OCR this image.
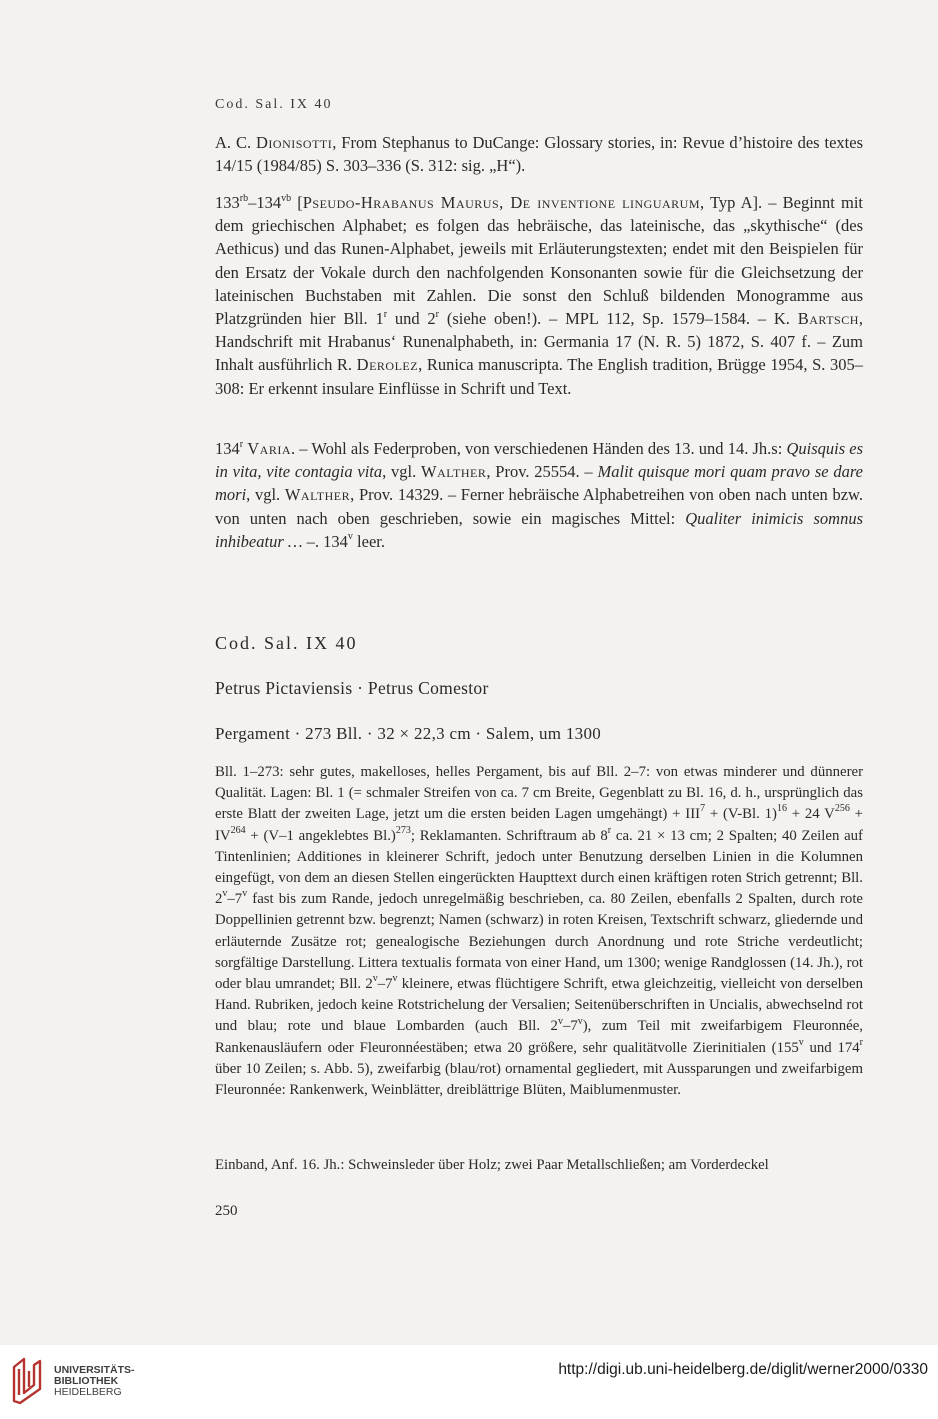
Cod. Sal. IX 40
A. C. Dionisotti, From Stephanus to DuCange: Glossary stories, in: Revue d’histoire des textes 14/15 (1984/85) S. 303–336 (S. 312: sig. „H“).
$133^{rb}-134^{vb}$ [Pseudo-Hrabanus Maurus, De inventione linguarum, Typ A]. – Beginnt mit dem griechischen Alphabet; es folgen das hebräische, das lateinische, das „skythische“ (des Aethicus) und das Runen-Alphabet, jeweils mit Erläuterungstexten; endet mit den Beispielen für den Ersatz der Vokale durch den nachfolgenden Konsonanten sowie für die Gleichsetzung der lateinischen Buchstaben mit Zahlen. Die sonst den Schluß bildenden Monogramme aus Platzgründen hier Bll. 1$^r$ und 2$^r$ (siehe oben!). – MPL 112, Sp. 1579–1584. – K. Bartsch, Handschrift mit Hrabanus‘ Runenalphabeth, in: Germania 17 (N. R. 5) 1872, S. 407 f. – Zum Inhalt ausführlich R. Derolez, Runica manuscripta. The English tradition, Brügge 1954, S. 305–308: Er erkennt insulare Einflüsse in Schrift und Text.
134$^r$ Varia. – Wohl als Federproben, von verschiedenen Händen des 13. und 14. Jh.s: Quisquis es in vita, vite contagia vita, vgl. Walther, Prov. 25554. – Malit quisque mori quam pravo se dare mori, vgl. Walther, Prov. 14329. – Ferner hebräische Alphabetreihen von oben nach unten bzw. von unten nach oben geschrieben, sowie ein magisches Mittel: Qualiter inimicis somnus inhibeatur … –. 134$^v$ leer.
Cod. Sal. IX 40
Petrus Pictaviensis · Petrus Comestor
Pergament · 273 Bll. · 32 × 22,3 cm · Salem, um 1300
Bll. 1–273: sehr gutes, makelloses, helles Pergament, bis auf Bll. 2–7: von etwas minderer und dünnerer Qualität. Lagen: Bl. 1 (= schmaler Streifen von ca. 7 cm Breite, Gegenblatt zu Bl. 16, d. h., ursprünglich das erste Blatt der zweiten Lage, jetzt um die ersten beiden Lagen umgehängt) + $III^7 + (V-Bl$. 1)$^{16}$ + 24 $V^{256} + IV^{264} + (V-1$ angeklebtes Bl.)$^{273}$; Reklamanten. Schriftraum ab 8$^r$ ca. 21 × 13 cm; 2 Spalten; 40 Zeilen auf Tintenlinien; Additiones in kleinerer Schrift, jedoch unter Benutzung derselben Linien in die Kolumnen eingefügt, von dem an diesen Stellen eingerückten Haupttext durch einen kräftigen roten Strich getrennt; Bll. 2$^v$–7$^v$ fast bis zum Rande, jedoch unregelmäßig beschrieben, ca. 80 Zeilen, ebenfalls 2 Spalten, durch rote Doppellinien getrennt bzw. begrenzt; Namen (schwarz) in roten Kreisen, Textschrift schwarz, gliedernde und erläuternde Zusätze rot; genealogische Beziehungen durch Anordnung und rote Striche verdeutlicht; sorgfältige Darstellung. Littera textualis formata von einer Hand, um 1300; wenige Randglossen (14. Jh.), rot oder blau umrandet; Bll. 2$^v$–7$^v$ kleinere, etwas flüchtigere Schrift, etwa gleichzeitig, vielleicht von derselben Hand. Rubriken, jedoch keine Rotstrichelung der Versalien; Seitenüberschriften in Uncialis, abwechselnd rot und blau; rote und blaue Lombarden (auch Bll. 2$^v$–7$^v$), zum Teil mit zweifarbigem Fleuronnée, Rankenausläufern oder Fleuronnéestäben; etwa 20 größere, sehr qualitätvolle Zierinitialen (155$^v$ und 174$^r$ über 10 Zeilen; s. Abb. 5), zweifarbig (blau/rot) ornamental gegliedert, mit Aussparungen und zweifarbigem Fleuronnée: Rankenwerk, Weinblätter, dreiblättrige Blüten, Maiblumenmuster.
Einband, Anf. 16. Jh.: Schweinsleder über Holz; zwei Paar Metallschließen; am Vorderdeckel
250
UNIVERSITÄTS-
BIBLIOTHEK
HEIDELBERG
http://digi.ub.uni-heidelberg.de/diglit/werner2000/0330
